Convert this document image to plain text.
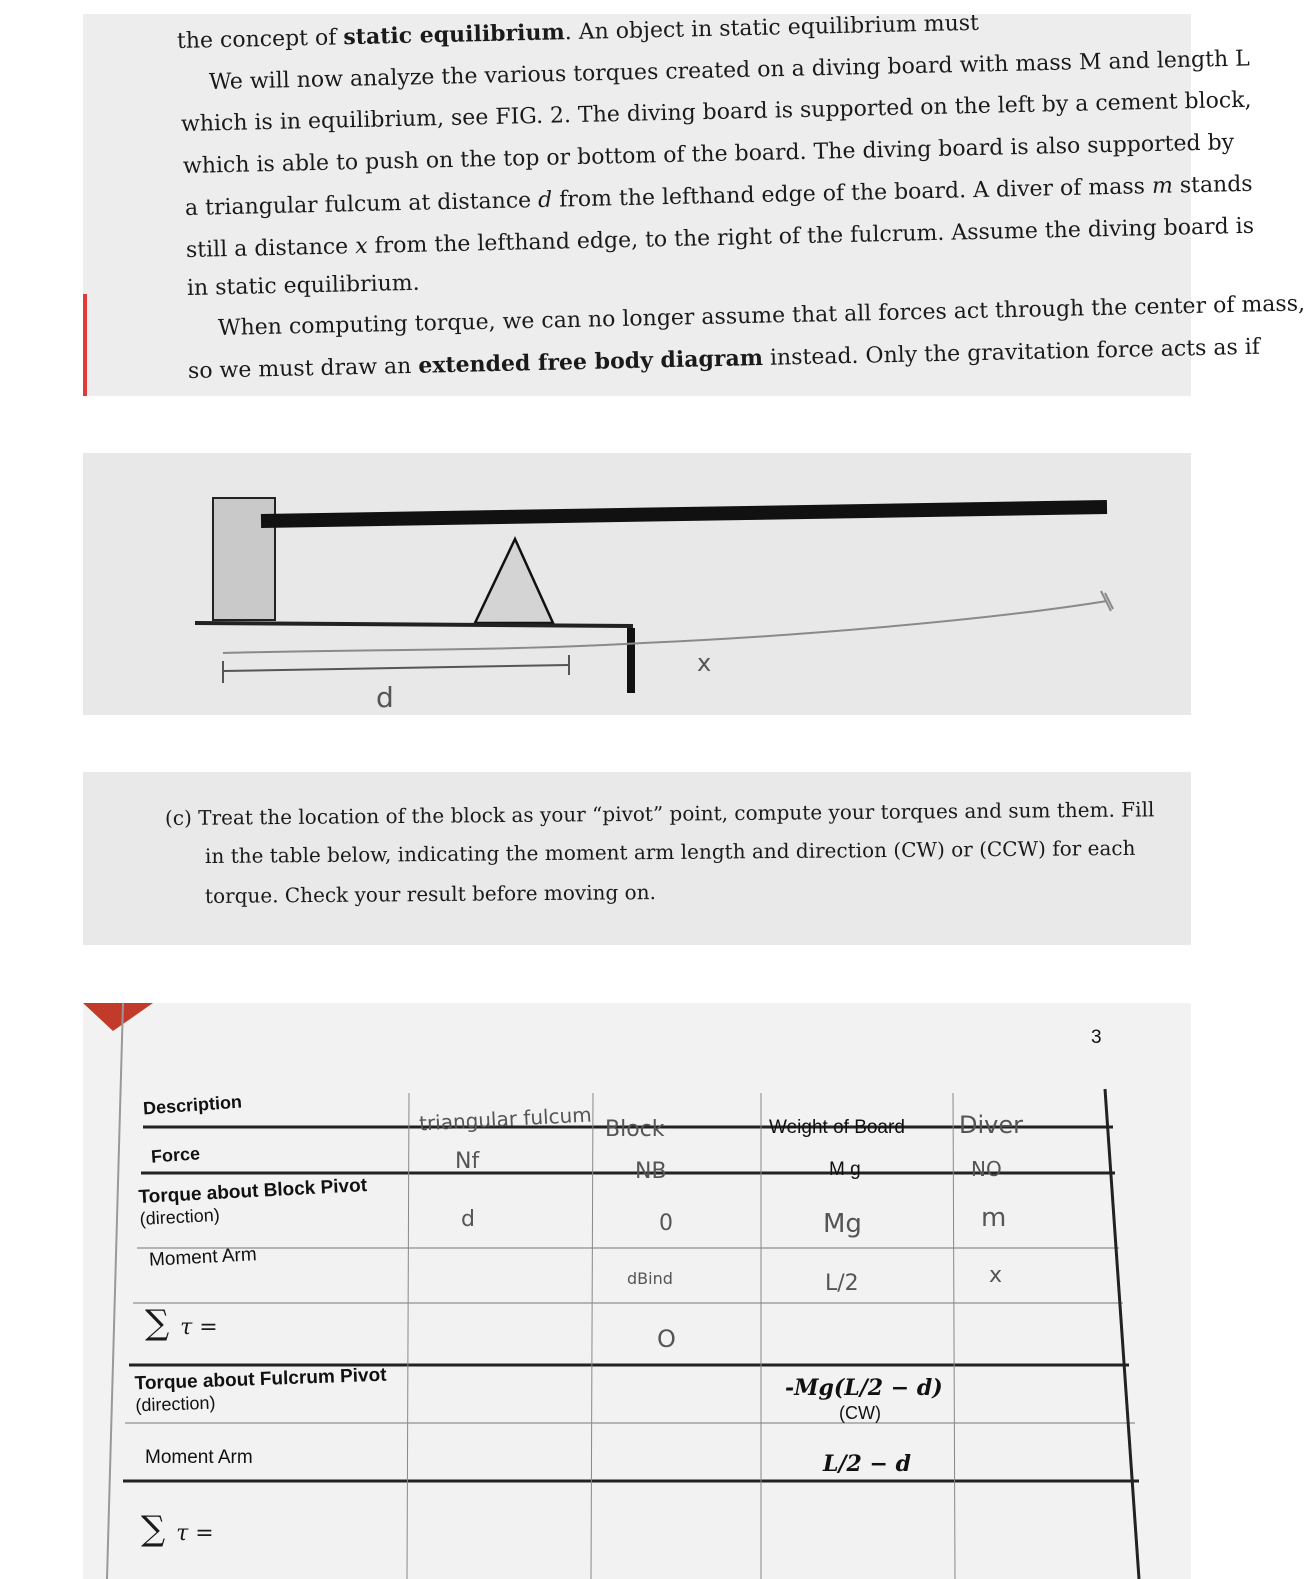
the concept of static equilibrium. An object in static equilibrium must
We will now analyze the various torques created on a diving board with mass M and length L
which is in equilibrium, see FIG. 2. The diving board is supported on the left by a cement block,
which is able to push on the top or bottom of the board. The diving board is also supported by
a triangular fulcum at distance d from the lefthand edge of the board. A diver of mass m stands
still a distance x from the lefthand edge, to the right of the fulcrum. Assume the diving board is
in static equilibrium.
When computing torque, we can no longer assume that all forces act through the center of mass,
so we must draw an extended free body diagram instead. Only the gravitation force acts as if
d
x
(c) Treat the location of the block as your “pivot” point, compute your torques and sum them. Fill
in the table below, indicating the moment arm length and direction (CW) or (CCW) for each
torque. Check your result before moving on.
3
Description
Force
Torque about Block Pivot
(direction)
Moment Arm
∑ τ =
Torque about Fulcrum Pivot
(direction)
Moment Arm
∑ τ =
triangular fulcum
Nf
d
Block
NB
0
dBind
O
Weight of Board
M g
Mg
L/2
-Mg(L/2 − d)
(CW)
L/2 − d
Diver
NO
m
x
